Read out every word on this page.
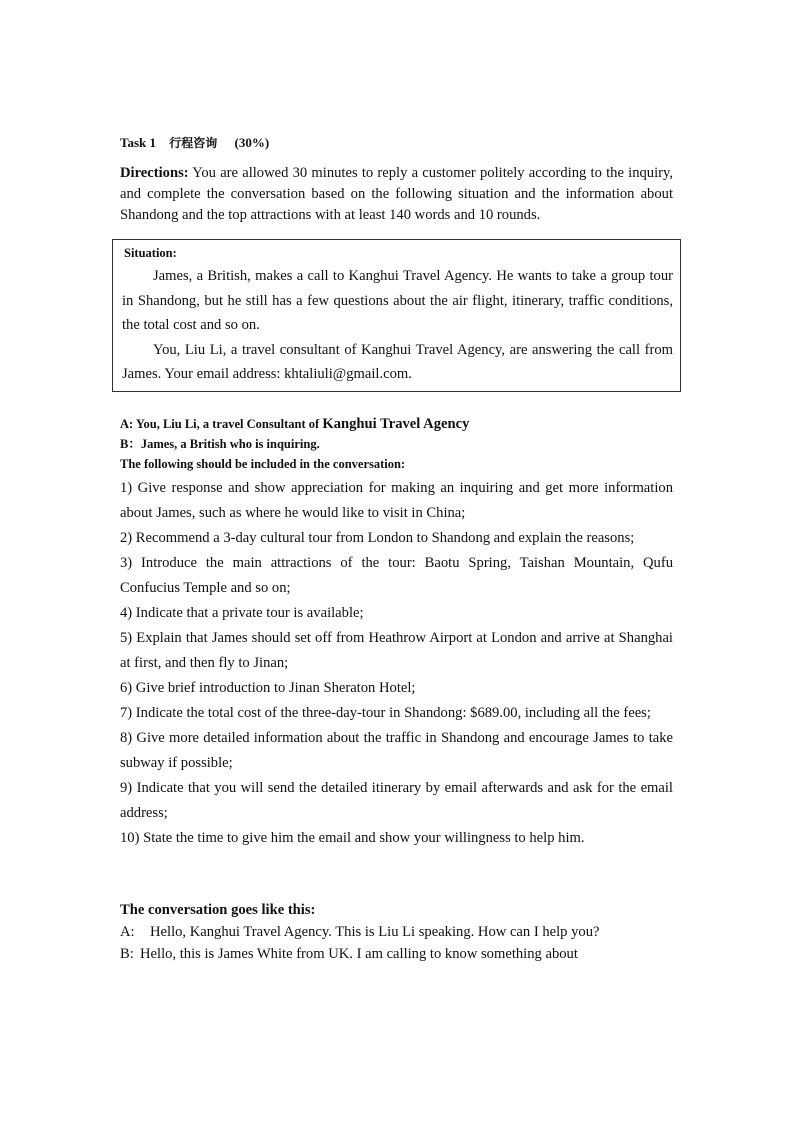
Task 1 行程咨询 (30%)

Directions: You are allowed 30 minutes to reply a customer politely according to the inquiry, and complete the conversation based on the following situation and the information about Shandong and the top attractions with at least 140 words and 10 rounds.

Situation:

James, a British, makes a call to Kanghui Travel Agency. He wants to take a group tour in Shandong, but he still has a few questions about the air flight, itinerary, traffic conditions, the total cost and so on.

You, Liu Li, a travel consultant of Kanghui Travel Agency, are answering the call from James. Your email address: khtaliuli@gmail.com.

A: You, Liu Li, a travel Consultant of Kanghui Travel Agency

B：James, a British who is inquiring.

The following should be included in the conversation:

1) Give response and show appreciation for making an inquiring and get more information about James, such as where he would like to visit in China;

2) Recommend a 3-day cultural tour from London to Shandong and explain the reasons;

3) Introduce the main attractions of the tour: Baotu Spring, Taishan Mountain, Qufu Confucius Temple and so on;

4) Indicate that a private tour is available;

5) Explain that James should set off from Heathrow Airport at London and arrive at Shanghai at first, and then fly to Jinan;

6) Give brief introduction to Jinan Sheraton Hotel;

7) Indicate the total cost of the three-day-tour in Shandong: $689.00, including all the fees;

8) Give more detailed information about the traffic in Shandong and encourage James to take subway if possible;

9) Indicate that you will send the detailed itinerary by email afterwards and ask for the email address;

10) State the time to give him the email and show your willingness to help him.

The conversation goes like this:

A: Hello, Kanghui Travel Agency. This is Liu Li speaking. How can I help you?

B: Hello, this is James White from UK. I am calling to know something about
